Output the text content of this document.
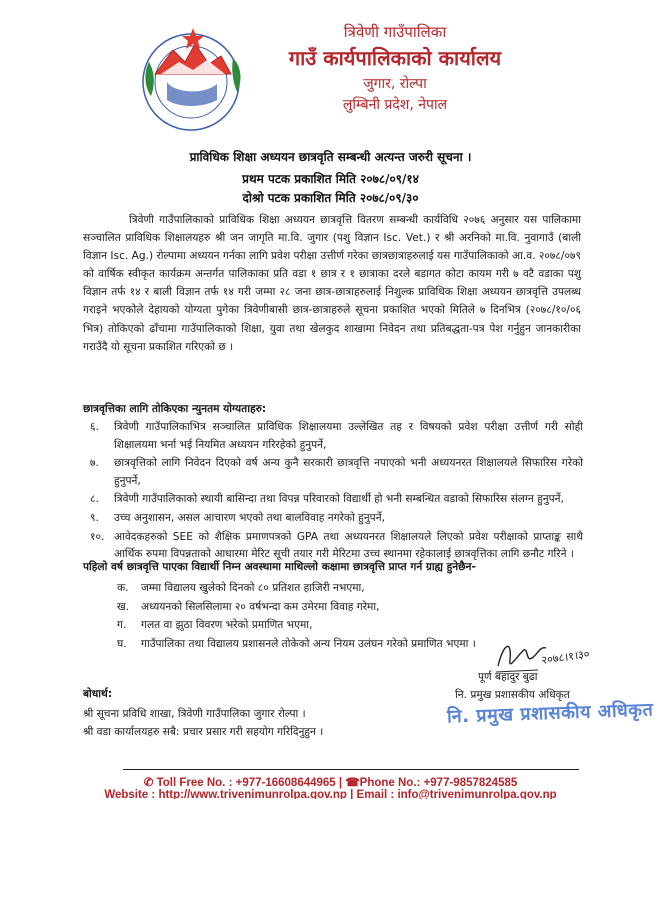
त्रिवेणी गाउँपालिका
गाउँ कार्यपालिकाको कार्यालय
जुगार, रोल्पा
लुम्बिनी प्रदेश, नेपाल
प्राविधिक शिक्षा अध्ययन छात्रवृति सम्बन्धी अत्यन्त जरुरी सूचना ।
प्रथम पटक प्रकाशित मिति २०७८/०९/१४
दोश्रो पटक प्रकाशित मिति २०७८/०९/३०
त्रिवेणी गाउँपालिकाको प्राविधिक शिक्षा अध्ययन छात्रवृत्ति वितरण सम्बन्धी कार्यविधि २०७६ अनुसार यस पालिकामा सञ्चालित प्राविधिक शिक्षालयहरु श्री जन जागृति मा.वि. जुगार (पशु विज्ञान Isc. Vet.) र श्री अरनिको मा.वि. नुवागाउँ (बाली विज्ञान Isc. Ag.) रोल्पामा अध्ययन गर्नका लागि प्रवेश परीक्षा उत्तीर्ण गरेका छात्रछात्राहरुलाई यस गाउँपालिकाको आ.व. २०७८/०७९ को वार्षिक स्वीकृत कार्यक्रम अन्तर्गत पालिकाका प्रति वडा १ छात्र र १ छात्राका दरले बडागत कोटा कायम गरी ७ वटै वडाका पशु विज्ञान तर्फ १४ र बाली विज्ञान तर्फ १४ गरी जम्मा २८ जना छात्र-छात्राहरुलाई निशुल्क प्राविधिक शिक्षा अध्ययन छात्रवृत्ति उपलब्ध गराइने भएकोले देहायको योग्यता पुगेका त्रिवेणीबासी छात्र-छात्राहरुले सूचना प्रकाशित भएको मितिले ७ दिनभित्र (२०७८/१०/०६ भित्र) तोकिएको ढाँचामा गाउँपालिकाको शिक्षा, युवा तथा खेलकुद शाखामा निवेदन तथा प्रतिबद्धता-पत्र पेश गर्नुहुन जानकारीका गराउँदै यो सूचना प्रकाशित गरिएको छ ।
छात्रवृत्तिका लागि तोकिएका न्युनतम योग्यताहरु:
६.	त्रिवेणी गाउँपालिकाभित्र सञ्चालित प्राविधिक शिक्षालयमा उल्लेखित तह र विषयको प्रवेश परीक्षा उत्तीर्ण गरी सोही शिक्षालयमा भर्ना भई नियमित अध्ययन गरिरहेको हुनुपर्ने,
७.	छात्रवृत्तिको लागि निवेदन दिएको वर्ष अन्य कुनै सरकारी छात्रवृत्ति नपाएको भनी अध्ययनरत शिक्षालयले सिफारिस गरेको हुनुपर्ने,
८.	त्रिवेणी गाउँपालिकाको स्थायी बासिन्दा तथा विपन्न परिवारको विद्यार्थी हो भनी सम्बन्धित वडाको सिफारिस संलग्न हुनुपर्ने,
९.	उच्च अनुशासन, असल आचारण भएको तथा बालविवाह नगरेको हुनुपर्ने,
१०. आवेदकहरुको SEE को शैक्षिक प्रमाणपत्रको GPA तथा अध्ययनरत शिक्षालयले लिएको प्रवेश परीक्षाको प्राप्ताङ्क साथै आर्थिक रुपमा विपन्नताको आधारमा मेरिट सूची तयार गरी मेरिटमा उच्च स्थानमा रहेकालाई छात्रवृत्तिका लागि छनौट गरिने ।
पहिलो वर्ष छात्रवृत्ति पाएका विद्यार्थी निम्न अवस्थामा माथिल्लो कक्षामा छात्रवृत्ति प्राप्त गर्न ग्राह्य हुनेछैन-
क.	जम्मा विद्यालय खुलेको दिनको ८० प्रतिशत हाजिरी नभएमा,
ख.	अध्ययनको सिलसिलामा २० वर्षभन्दा कम उमेरमा विवाह गरेमा,
ग.	गलत वा झुठा विवरण भरेको प्रमाणित भएमा,
घ.	गाउँपालिका तथा विद्यालय प्रशासनले तोकेको अन्य नियम उलंघन गरेको प्रमाणित भएमा ।
२०७८।१।३०
पूर्ण बहादुर बुढा
नि. प्रमुख प्रशासकीय अधिकृत
नि. प्रमुख प्रशासकीय अधिकृत
बोधार्थ:
श्री सूचना प्रविधि शाखा, त्रिवेणी गाउँपालिका जुगार रोल्पा ।
श्री वडा कार्यालयहरु सबै: प्रचार प्रसार गरी सहयोग गरिदिनुहुन ।
✆ Toll Free No. : +977-16608644965 | ☎Phone No.: +977-9857824585
Website : http://www.trivenimunrolpa.gov.np | Email : info@trivenimunrolpa.gov.np
